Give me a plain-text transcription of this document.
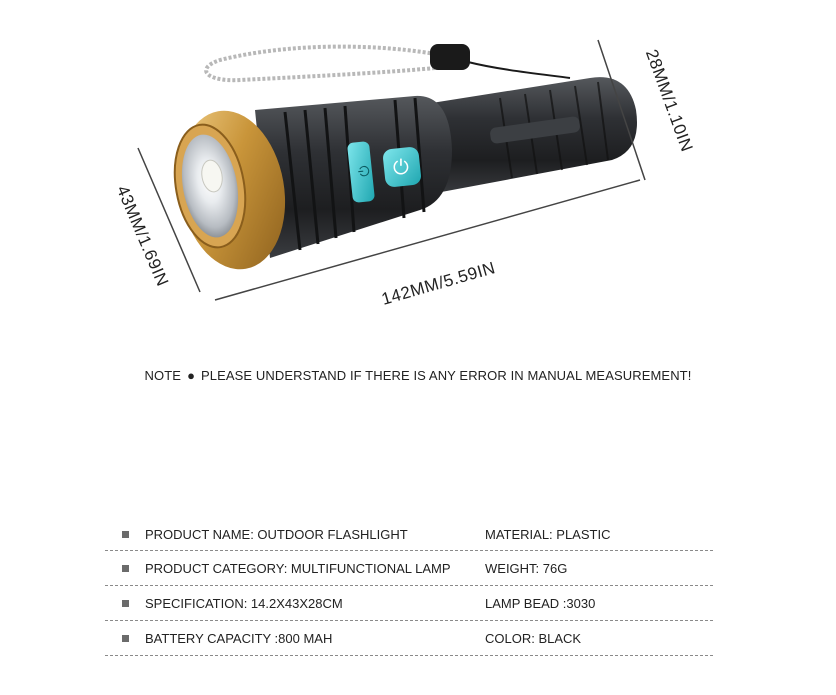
⏻ ⏻
142MM/5.59IN
43MM/1.69IN
28MM/1.10IN
NOTE ● PLEASE UNDERSTAND IF THERE IS ANY ERROR IN MANUAL MEASUREMENT!
PRODUCT NAME: OUTDOOR FLASHLIGHT	MATERIAL: PLASTIC
PRODUCT CATEGORY: MULTIFUNCTIONAL LAMP	WEIGHT: 76G
SPECIFICATION: 14.2X43X28CM	LAMP BEAD :3030
BATTERY CAPACITY :800 MAH	COLOR: BLACK
